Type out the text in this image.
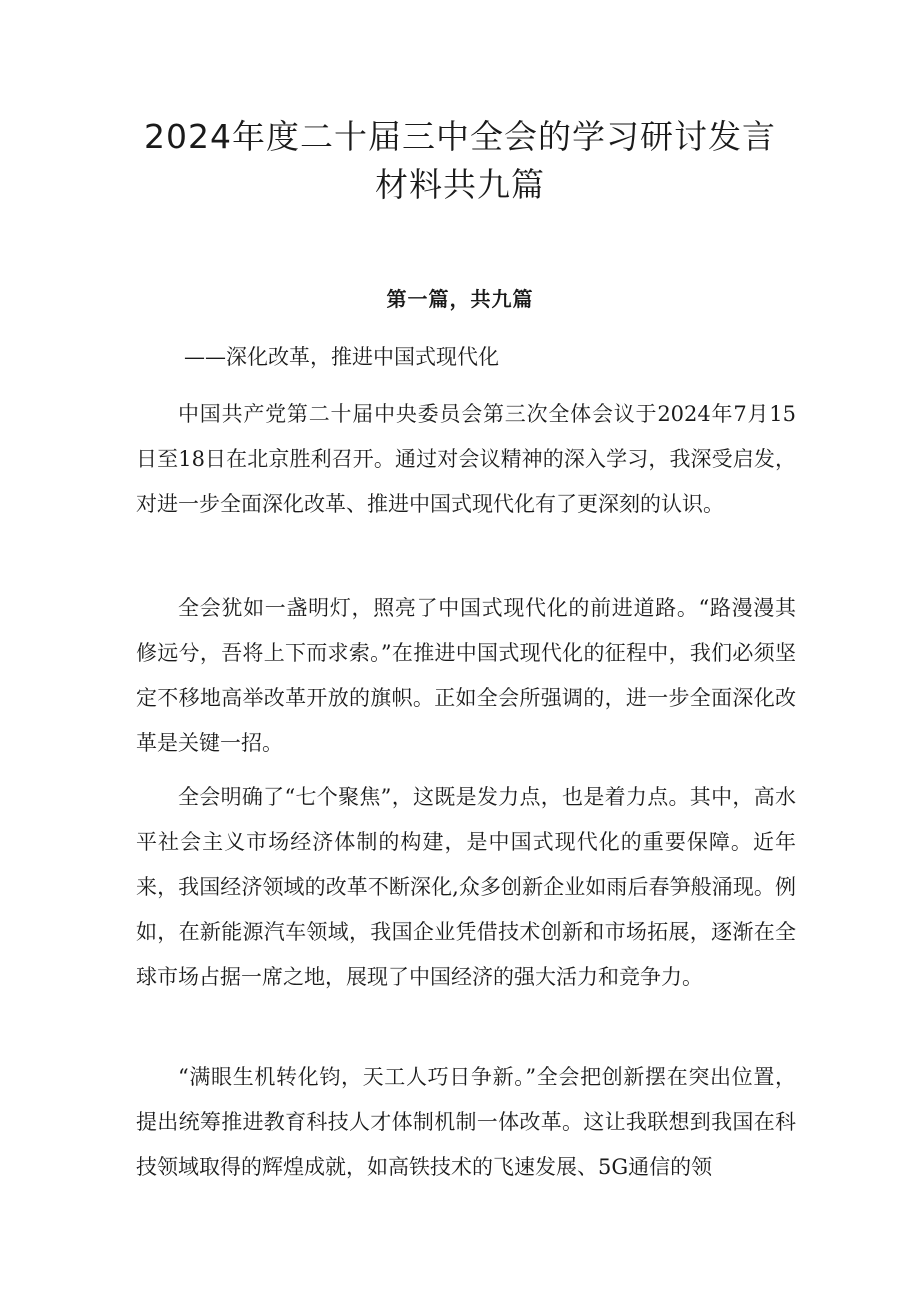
2024年度二十届三中全会的学习研讨发言
材料共九篇
第一篇，共九篇
——深化改革，推进中国式现代化

中国共产党第二十届中央委员会第三次全体会议于2024年7月15日至18日在北京胜利召开。通过对会议精神的深入学习，我深受启发，对进一步全面深化改革、推进中国式现代化有了更深刻的认识。

全会犹如一盏明灯，照亮了中国式现代化的前进道路。“路漫漫其修远兮，吾将上下而求索。”在推进中国式现代化的征程中，我们必须坚定不移地高举改革开放的旗帜。正如全会所强调的，进一步全面深化改革是关键一招。

全会明确了“七个聚焦”，这既是发力点，也是着力点。其中，高水平社会主义市场经济体制的构建，是中国式现代化的重要保障。近年来，我国经济领域的改革不断深化,众多创新企业如雨后春笋般涌现。例如，在新能源汽车领域，我国企业凭借技术创新和市场拓展，逐渐在全球市场占据一席之地，展现了中国经济的强大活力和竞争力。

“满眼生机转化钧，天工人巧日争新。”全会把创新摆在突出位置，提出统筹推进教育科技人才体制机制一体改革。这让我联想到我国在科技领域取得的辉煌成就，如高铁技术的飞速发展、5G通信的领
